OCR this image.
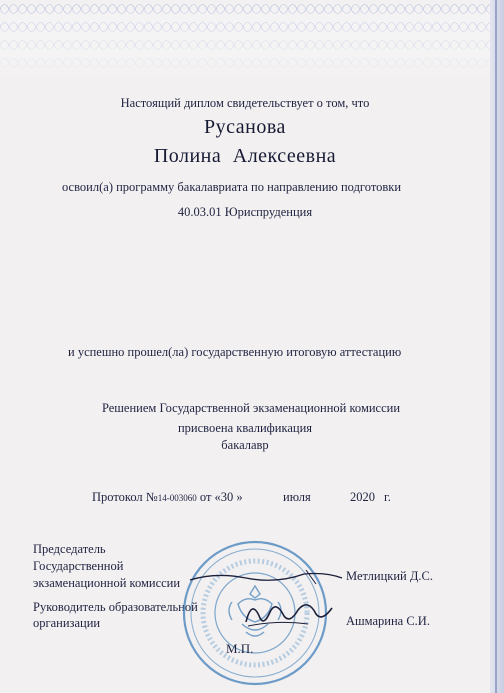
Настоящий диплом свидетельствует о том, что
Русанова
Полина Алексеевна
освоил(а) программу бакалавриата по направлению подготовки
40.03.01 Юриспруденция
и успешно прошел(ла) государственную итоговую аттестацию
Решением Государственной экзаменационной комиссии
присвоена квалификация
бакалавр
Протокол №14-003060 от «30 »	июля	2020 г.
Председатель
Государственной
экзаменационной комиссии	Метлицкий Д.С.
Руководитель образовательной
организации	Ашмарина С.И.
М.П.
